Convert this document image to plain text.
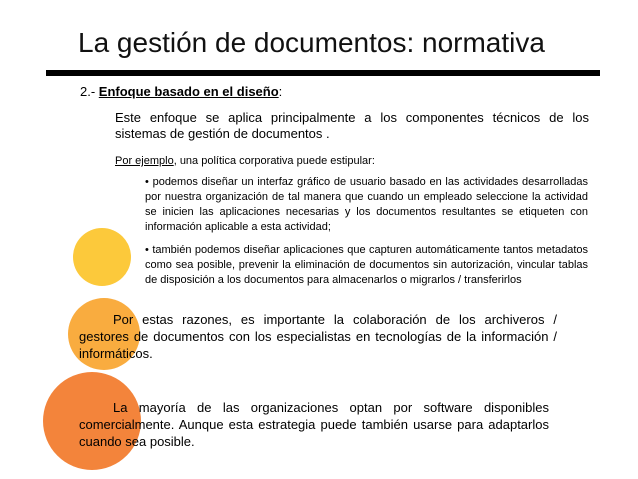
La gestión de documentos: normativa
2.- Enfoque basado en el diseño:
Este enfoque se aplica principalmente a los componentes técnicos de los sistemas de gestión de documentos .
Por ejemplo, una política corporativa puede estipular:
• podemos diseñar un interfaz gráfico de usuario basado en las actividades desarrolladas por nuestra organización de tal manera que cuando un empleado seleccione la actividad se inicien las aplicaciones necesarias y los documentos resultantes se etiqueten con información aplicable a esta actividad;
• también podemos diseñar aplicaciones que capturen automáticamente tantos metadatos como sea posible, prevenir la eliminación de documentos sin autorización, vincular tablas de disposición a los documentos para almacenarlos o migrarlos / transferirlos
Por estas razones, es importante la colaboración de los archiveros / gestores de documentos con los especialistas en tecnologías de la información / informáticos.
La mayoría de las organizaciones optan por software disponibles comercialmente. Aunque esta estrategia puede también usarse para adaptarlos cuando sea posible.
